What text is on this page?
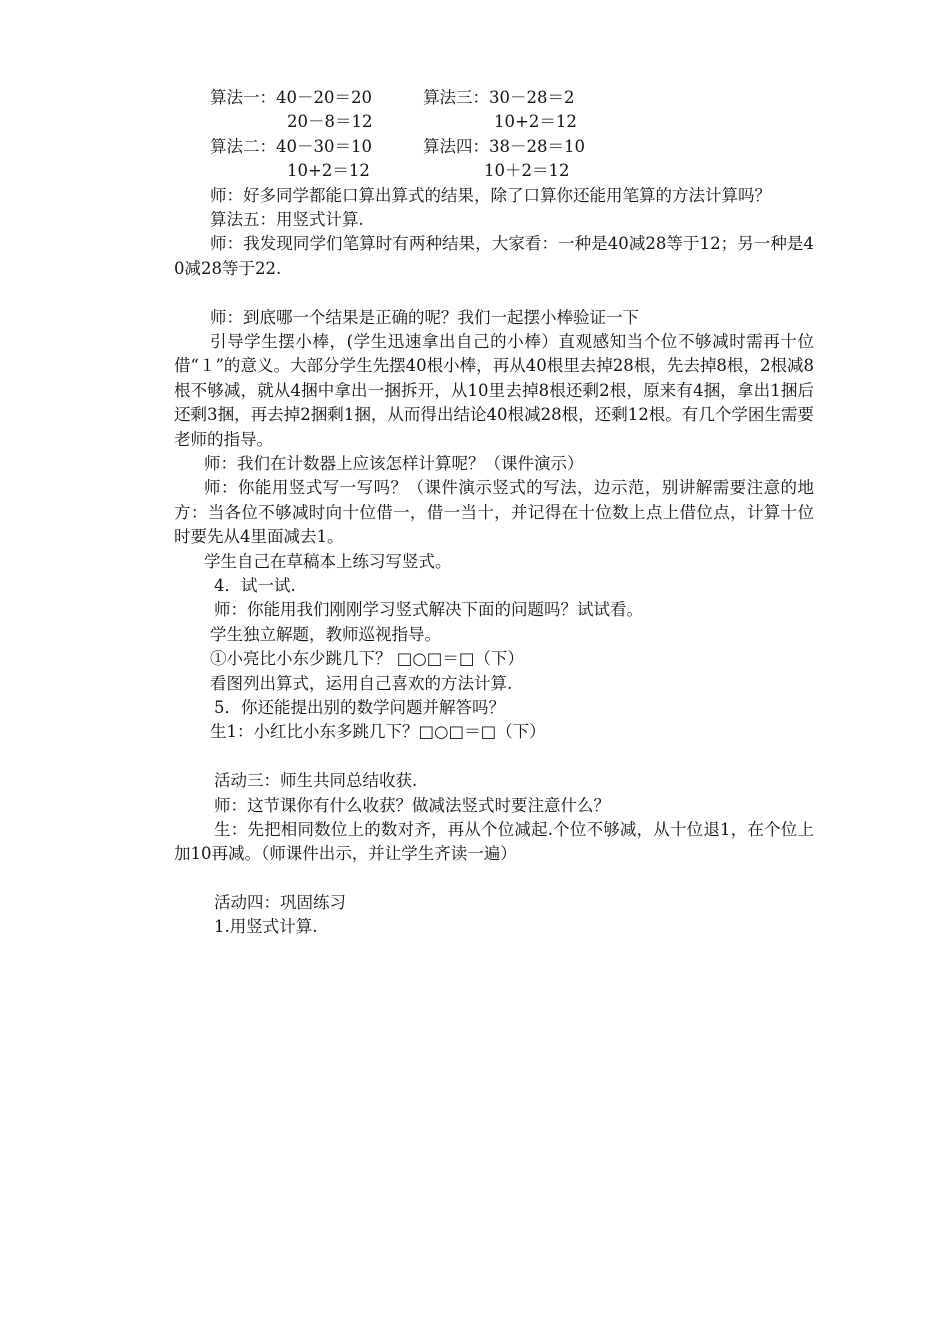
算法一：40－20＝20	算法三：30－28＝2
20－8＝12	10+2＝12
算法二：40－30＝10	算法四：38－28＝10
10+2＝12	10＋2＝12
师：好多同学都能口算出算式的结果，除了口算你还能用笔算的方法计算吗？
算法五：用竖式计算.
师：我发现同学们笔算时有两种结果，大家看：一种是40减28等于12；另一种是40减28等于22.
师：到底哪一个结果是正确的呢？我们一起摆小棒验证一下
引导学生摆小棒，(学生迅速拿出自己的小棒）直观感知当个位不够减时需再十位借“１”的意义。大部分学生先摆40根小棒，再从40根里去掉28根，先去掉8根，2根减8根不够减，就从4捆中拿出一捆拆开，从10里去掉8根还剩2根，原来有4捆，拿出1捆后还剩3捆，再去掉2捆剩1捆，从而得出结论40根减28根，还剩12根。有几个学困生需要老师的指导。
师：我们在计数器上应该怎样计算呢？（课件演示）
师：你能用竖式写一写吗？（课件演示竖式的写法，边示范，别讲解需要注意的地方：当各位不够减时向十位借一，借一当十，并记得在十位数上点上借位点，计算十位时要先从4里面减去1。
学生自己在草稿本上练习写竖式。
4．试一试.
师：你能用我们刚刚学习竖式解决下面的问题吗？试试看。
学生独立解题，教师巡视指导。
①小亮比小东少跳几下？ □○□＝□（下）
看图列出算式，运用自己喜欢的方法计算.
5．你还能提出别的数学问题并解答吗？
生1：小红比小东多跳几下？□○□＝□（下）
活动三：师生共同总结收获.
师：这节课你有什么收获？做减法竖式时要注意什么？
生：先把相同数位上的数对齐，再从个位减起.个位不够减，从十位退1，在个位上加10再减。（师课件出示，并让学生齐读一遍）
活动四：巩固练习
1.用竖式计算.
